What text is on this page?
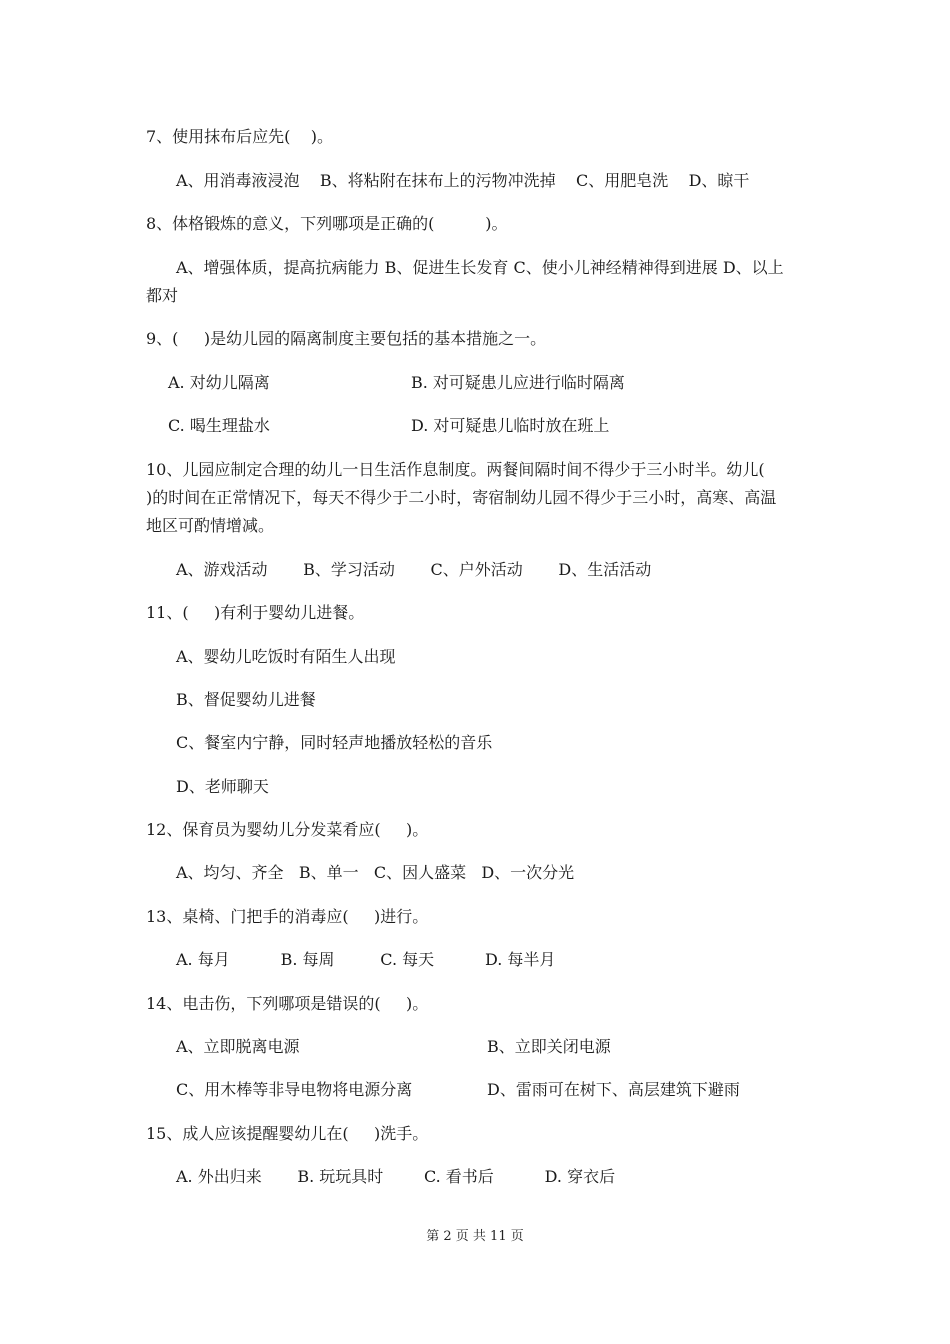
7、使用抹布后应先(    )。
A、用消毒液浸泡    B、将粘附在抹布上的污物冲洗掉    C、用肥皂洗    D、晾干
8、体格锻炼的意义，下列哪项是正确的(          )。
A、增强体质，提高抗病能力 B、促进生长发育 C、使小儿神经精神得到进展 D、以上
都对
9、(     )是幼儿园的隔离制度主要包括的基本措施之一。
A. 对幼儿隔离	B. 对可疑患儿应进行临时隔离
C. 喝生理盐水	D. 对可疑患儿临时放在班上
10、儿园应制定合理的幼儿一日生活作息制度。两餐间隔时间不得少于三小时半。幼儿(
)的时间在正常情况下，每天不得少于二小时，寄宿制幼儿园不得少于三小时，高寒、高温
地区可酌情增减。
A、游戏活动       B、学习活动       C、户外活动       D、生活活动
11、(     )有利于婴幼儿进餐。
A、婴幼儿吃饭时有陌生人出现
B、督促婴幼儿进餐
C、餐室内宁静，同时轻声地播放轻松的音乐
D、老师聊天
12、保育员为婴幼儿分发菜肴应(     )。
A、均匀、齐全   B、单一   C、因人盛菜   D、一次分光
13、桌椅、门把手的消毒应(     )进行。
A. 每月          B. 每周         C. 每天          D. 每半月
14、电击伤，下列哪项是错误的(     )。
A、立即脱离电源	B、立即关闭电源
C、用木棒等非导电物将电源分离	D、雷雨可在树下、高层建筑下避雨
15、成人应该提醒婴幼儿在(     )洗手。
A. 外出归来       B. 玩玩具时        C. 看书后          D. 穿衣后
第 2 页 共 11 页
